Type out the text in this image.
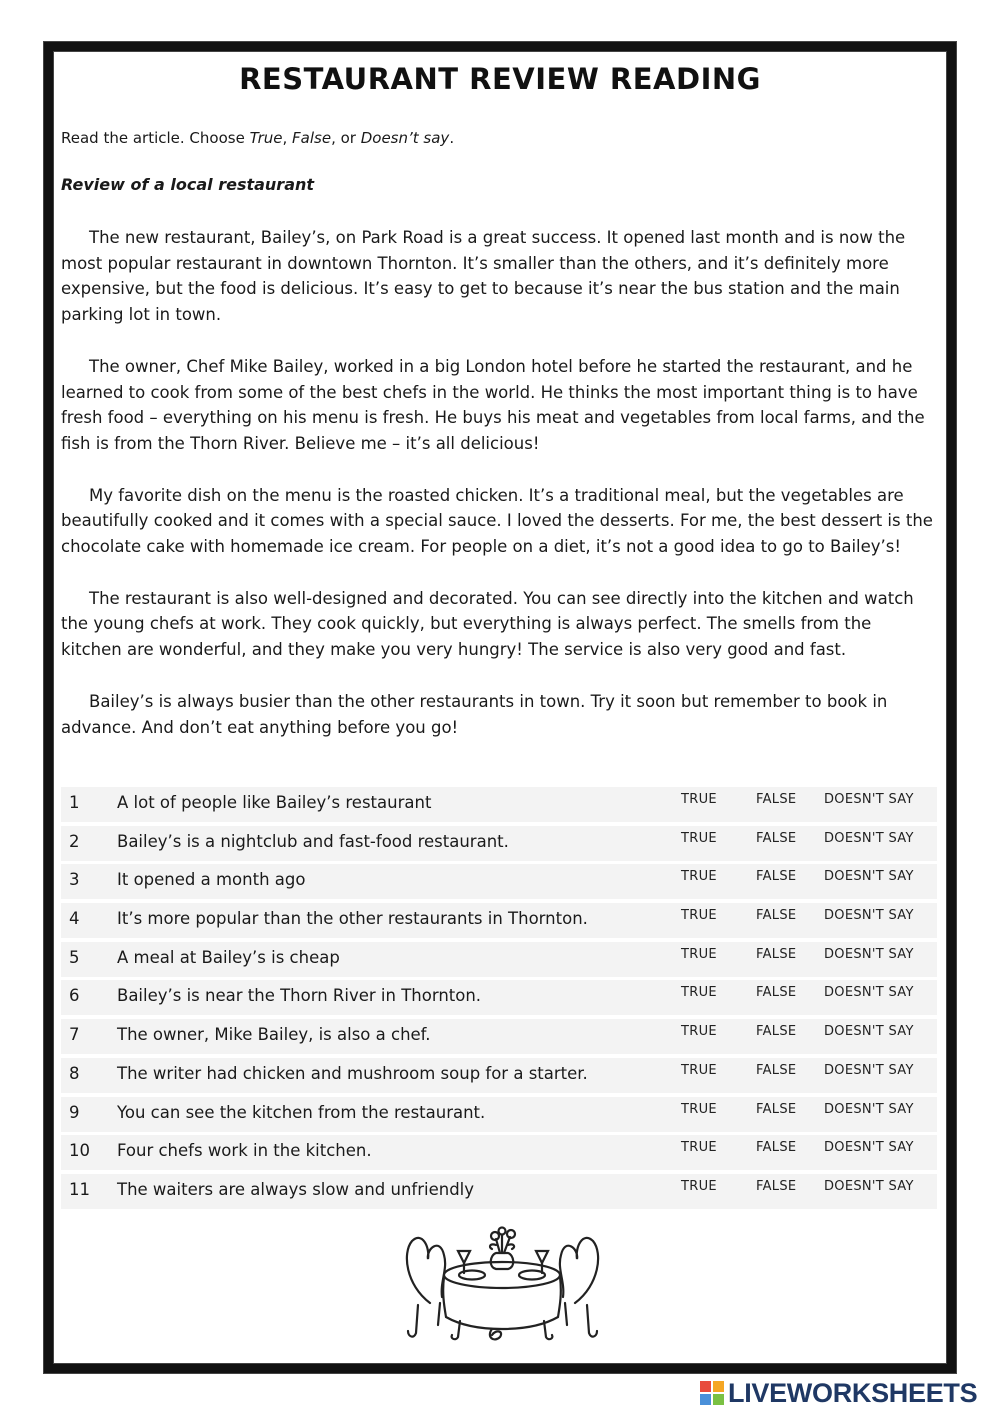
RESTAURANT REVIEW READING
Read the article. Choose True, False, or Doesn’t say.
Review of a local restaurant

The new restaurant, Bailey’s, on Park Road is a great success. It opened last month and is now the most popular restaurant in downtown Thornton. It’s smaller than the others, and it’s definitely more expensive, but the food is delicious. It’s easy to get to because it’s near the bus station and the main parking lot in town.

The owner, Chef Mike Bailey, worked in a big London hotel before he started the restaurant, and he learned to cook from some of the best chefs in the world. He thinks the most important thing is to have fresh food – everything on his menu is fresh. He buys his meat and vegetables from local farms, and the fish is from the Thorn River. Believe me – it’s all delicious!

My favorite dish on the menu is the roasted chicken. It’s a traditional meal, but the vegetables are beautifully cooked and it comes with a special sauce. I loved the desserts. For me, the best dessert is the chocolate cake with homemade ice cream. For people on a diet, it’s not a good idea to go to Bailey’s!

The restaurant is also well-designed and decorated. You can see directly into the kitchen and watch the young chefs at work. They cook quickly, but everything is always perfect. The smells from the kitchen are wonderful, and they make you very hungry! The service is also very good and fast.

Bailey’s is always busier than the other restaurants in town. Try it soon but remember to book in advance. And don’t eat anything before you go!

1 A lot of people like Bailey’s restaurant	TRUE	FALSE DOESN'T SAY
2 Bailey’s is a nightclub and fast-food restaurant.	TRUE	FALSE DOESN'T SAY
3 It opened a month ago	TRUE	FALSE DOESN'T SAY
4 It’s more popular than the other restaurants in Thornton.	TRUE	FALSE DOESN'T SAY
5 A meal at Bailey’s is cheap	TRUE	FALSE DOESN'T SAY
6 Bailey’s is near the Thorn River in Thornton.	TRUE	FALSE DOESN'T SAY
7 The owner, Mike Bailey, is also a chef.	TRUE	FALSE DOESN'T SAY
8 The writer had chicken and mushroom soup for a starter.	TRUE	FALSE DOESN'T SAY
9 You can see the kitchen from the restaurant.	TRUE	FALSE DOESN'T SAY
10 Four chefs work in the kitchen.	TRUE	FALSE DOESN'T SAY
11 The waiters are always slow and unfriendly	TRUE	FALSE DOESN'T SAY
LIVEWORKSHEETS
